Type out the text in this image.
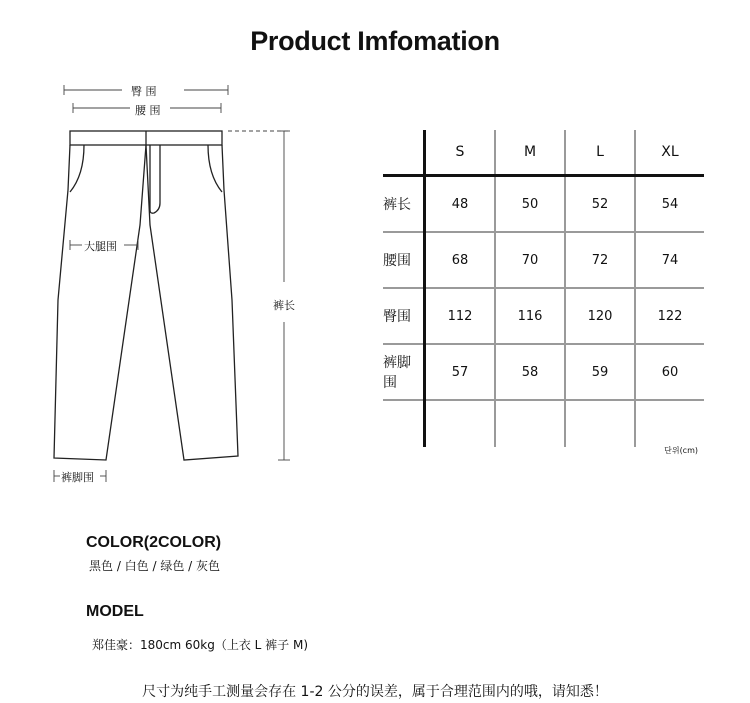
Product Imfomation
臀 围
腰 围
大腿围
裤长
裤脚围
	S	M	L	XL
裤长	48	50	52	54
腰围	68	70	72	74
臀围	112	116	120	122
裤脚围	57	58	59	60

단위(cm)
COLOR(2COLOR)
黑色 / 白色 / 绿色 / 灰色
MODEL
郑佳豪：180cm 60kg（上衣 L 裤子 M)
尺寸为纯手工测量会存在 1-2 公分的误差，属于合理范围内的哦，请知悉！
